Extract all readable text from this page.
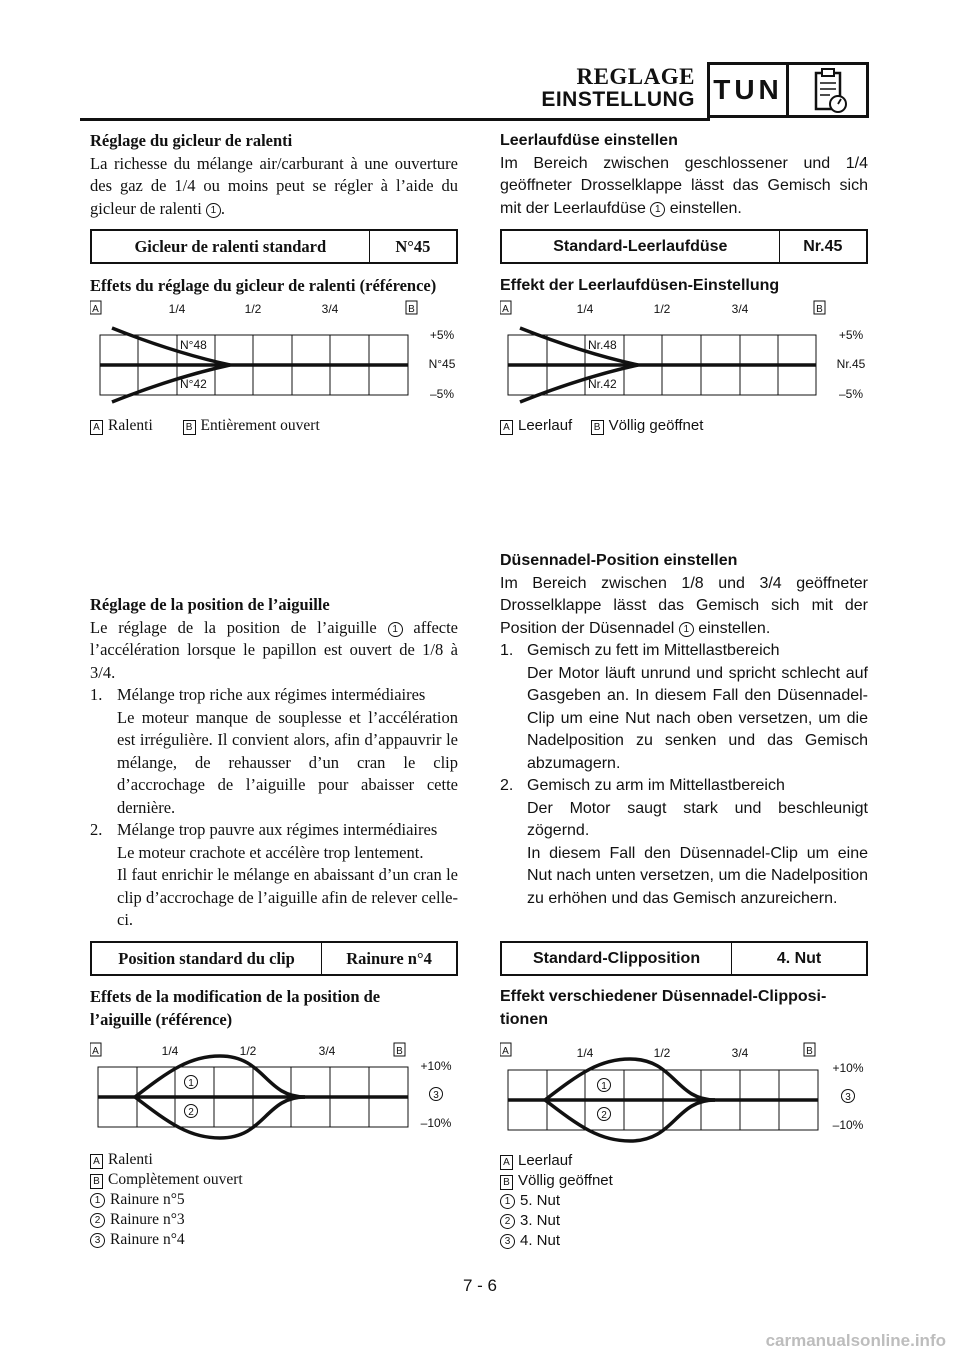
REGLAGE
EINSTELLUNG TUN
Réglage du gicleur de ralenti
La richesse du mélange air/carburant à une ouverture des gaz de 1/4 ou moins peut se régler à l’aide du gicleur de ralenti 1 .
Gicleur de ralenti standard	N°45
Effets du réglage du gicleur de ralenti (référence)
A	B
1/4	1/2	3/4
+5%
N°45
–5%
N°48
N°42
A Ralenti	B Entièrement ouvert
Réglage de la position de l’aiguille
Le réglage de la position de l’aiguille 1 affecte l’accélération lorsque le papillon est ouvert de 1/8 à 3/4.
1. Mélange trop riche aux régimes intermédiaires
Le moteur manque de souplesse et l’accélération est irrégulière. Il convient alors, afin d’appauvrir le mélange, de rehausser d’un cran le clip d’accrochage de l’aiguille pour abaisser cette dernière.
2. Mélange trop pauvre aux régimes intermédiaires
Le moteur crachote et accélère trop lentement.
Il faut enrichir le mélange en abaissant d’un cran le clip d’accrochage de l’aiguille afin de relever celle-ci.
Position standard du clip	Rainure n°4
Effets de la modification de la position de l’aiguille (référence)
A	B
1/4	1/2	3/4
+10%
3
–10%
1
2
A Ralenti
B Complètement ouvert
1 Rainure n°5
2 Rainure n°3
3 Rainure n°4
Leerlaufdüse einstellen
Im Bereich zwischen geschlossener und 1/4 geöffneter Drosselklappe lässt das Gemisch sich mit der Leerlaufdüse 1 einstellen.
Standard-Leerlaufdüse	Nr.45
Effekt der Leerlaufdüsen-Einstellung
A	B
1/4	1/2	3/4
+5%
Nr.45
–5%
Nr.48
Nr.42
A Leerlauf B Völlig geöffnet
Düsennadel-Position einstellen
Im Bereich zwischen 1/8 und 3/4 geöffneter Drosselklappe lässt das Gemisch sich mit der Position der Düsennadel 1 einstellen.
1. Gemisch zu fett im Mittellastbereich
Der Motor läuft unrund und spricht schlecht auf Gasgeben an. In diesem Fall den Düsennadel-Clip um eine Nut nach oben versetzen, um die Nadelposition zu senken und das Gemisch abzumagern.
2. Gemisch zu arm im Mittellastbereich
Der Motor saugt stark und beschleunigt zögernd.
In diesem Fall den Düsennadel-Clip um eine Nut nach unten versetzen, um die Nadelposition zu erhöhen und das Gemisch anzureichern.
Standard-Clipposition	4. Nut
Effekt verschiedener Düsennadel-Clipposi-tionen
A	B
1/4	1/2	3/4
+10%
3
–10%
1
2
A Leerlauf
B Völlig geöffnet
1 5. Nut
2 3. Nut
3 4. Nut
7 - 6
carmanualsonline.info
